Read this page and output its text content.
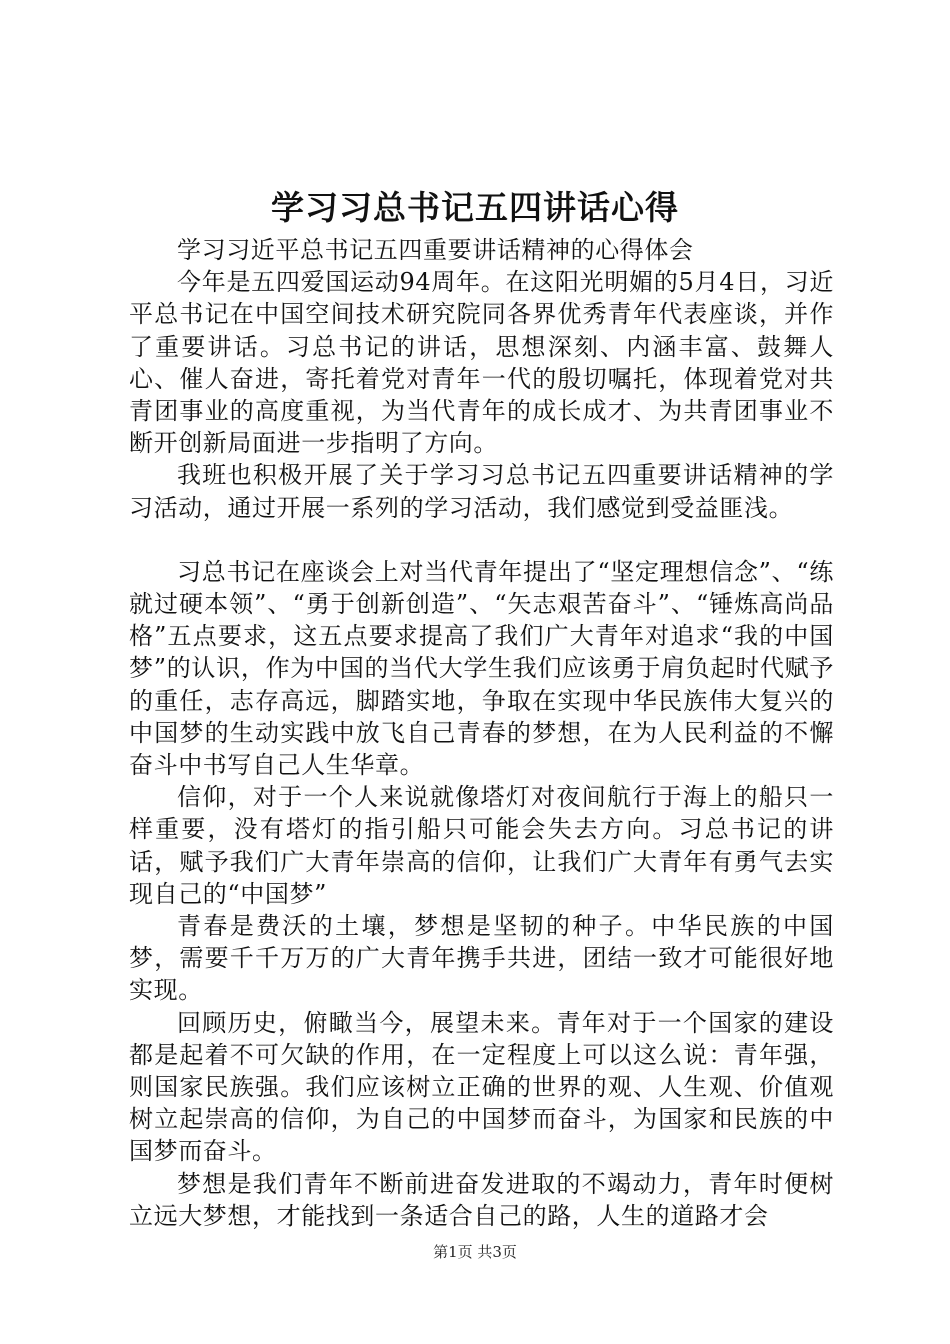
学习习总书记五四讲话心得

学习习近平总书记五四重要讲话精神的心得体会

今年是五四爱国运动94周年。在这阳光明媚的5月4日，习近平总书记在中国空间技术研究院同各界优秀青年代表座谈，并作了重要讲话。习总书记的讲话，思想深刻、内涵丰富、鼓舞人心、催人奋进，寄托着党对青年一代的殷切嘱托，体现着党对共青团事业的高度重视，为当代青年的成长成才、为共青团事业不断开创新局面进一步指明了方向。

我班也积极开展了关于学习习总书记五四重要讲话精神的学习活动，通过开展一系列的学习活动，我们感觉到受益匪浅。

习总书记在座谈会上对当代青年提出了“坚定理想信念”、“练就过硬本领”、“勇于创新创造”、“矢志艰苦奋斗”、“锤炼高尚品格”五点要求，这五点要求提高了我们广大青年对追求“我的中国梦”的认识，作为中国的当代大学生我们应该勇于肩负起时代赋予的重任，志存高远，脚踏实地，争取在实现中华民族伟大复兴的中国梦的生动实践中放飞自己青春的梦想，在为人民利益的不懈奋斗中书写自己人生华章。

信仰，对于一个人来说就像塔灯对夜间航行于海上的船只一样重要，没有塔灯的指引船只可能会失去方向。习总书记的讲话，赋予我们广大青年崇高的信仰，让我们广大青年有勇气去实现自己的“中国梦”

青春是费沃的土壤，梦想是坚韧的种子。中华民族的中国梦，需要千千万万的广大青年携手共进，团结一致才可能很好地实现。

回顾历史，俯瞰当今，展望未来。青年对于一个国家的建设都是起着不可欠缺的作用，在一定程度上可以这么说：青年强，则国家民族强。我们应该树立正确的世界的观、人生观、价值观树立起崇高的信仰，为自己的中国梦而奋斗，为国家和民族的中国梦而奋斗。

梦想是我们青年不断前进奋发进取的不竭动力，青年时便树立远大梦想，才能找到一条适合自己的路，人生的道路才会

第1页 共3页
